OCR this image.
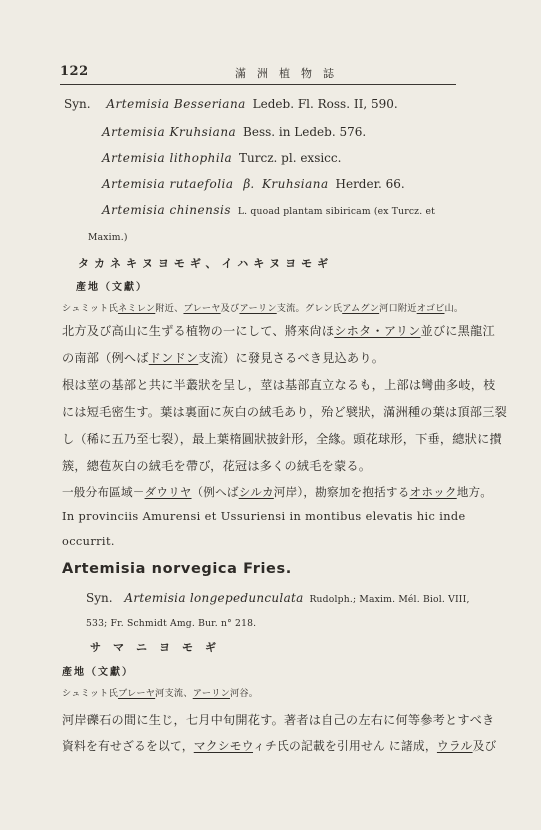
122	滿洲植物誌
Syn. Artemisia Besseriana Ledeb. Fl. Ross. II, 590.
Artemisia Kruhsiana Bess. in Ledeb. 576.
Artemisia lithophila Turcz. pl. exsicc.
Artemisia rutaefolia β. Kruhsiana Herder. 66.
Artemisia chinensis L. quoad plantam sibiricam (ex Turcz. et
Maxim.)
タカネキヌヨモギ、イハキヌヨモギ
產地（文獻）
シュミット氏ネミレン附近、ブレーヤ及びアーリン支流。グレン氏アムグン河口附近オゴビ山。
北方及び高山に生ずる植物の一にして、將來尙ほシホタ・アリン並びに黑龍江
の南部（例へばドンドン支流）に發見さるべき見込あり。
根は莖の基部と共に半叢狀を呈し，莖は基部直立なるも，上部は彎曲多岐，枝
には短毛密生す。葉は裏面に灰白の絨毛あり，殆ど襞狀，滿洲種の葉は頂部三裂
し（稀に五乃至七裂），最上葉楕圓狀披針形，全緣。頭花球形，下垂，總狀に攅
簇，總苞灰白の絨毛を帶び，花冠は多くの絨毛を蒙る。
一般分布區域－ダウリヤ（例へばシルカ河岸），勘察加を抱括するオホック地方。
In provinciis Amurensi et Ussuriensi in montibus elevatis hic inde
occurrit.
Artemisia norvegica Fries.
Syn. Artemisia longepedunculata Rudolph.; Maxim. Mél. Biol. VIII,
533; Fr. Schmidt Amg. Bur. n° 218.
サマニヨモギ
產地（文獻）
シュミット氏ブレーヤ河支流、アーリン河谷。
河岸礫石の間に生じ，七月中旬開花す。著者は自己の左右に何等參考とすべき
資料を有せざるを以て，マクシモウィチ氏の記載を引用せん に諸成，ウラル及び
